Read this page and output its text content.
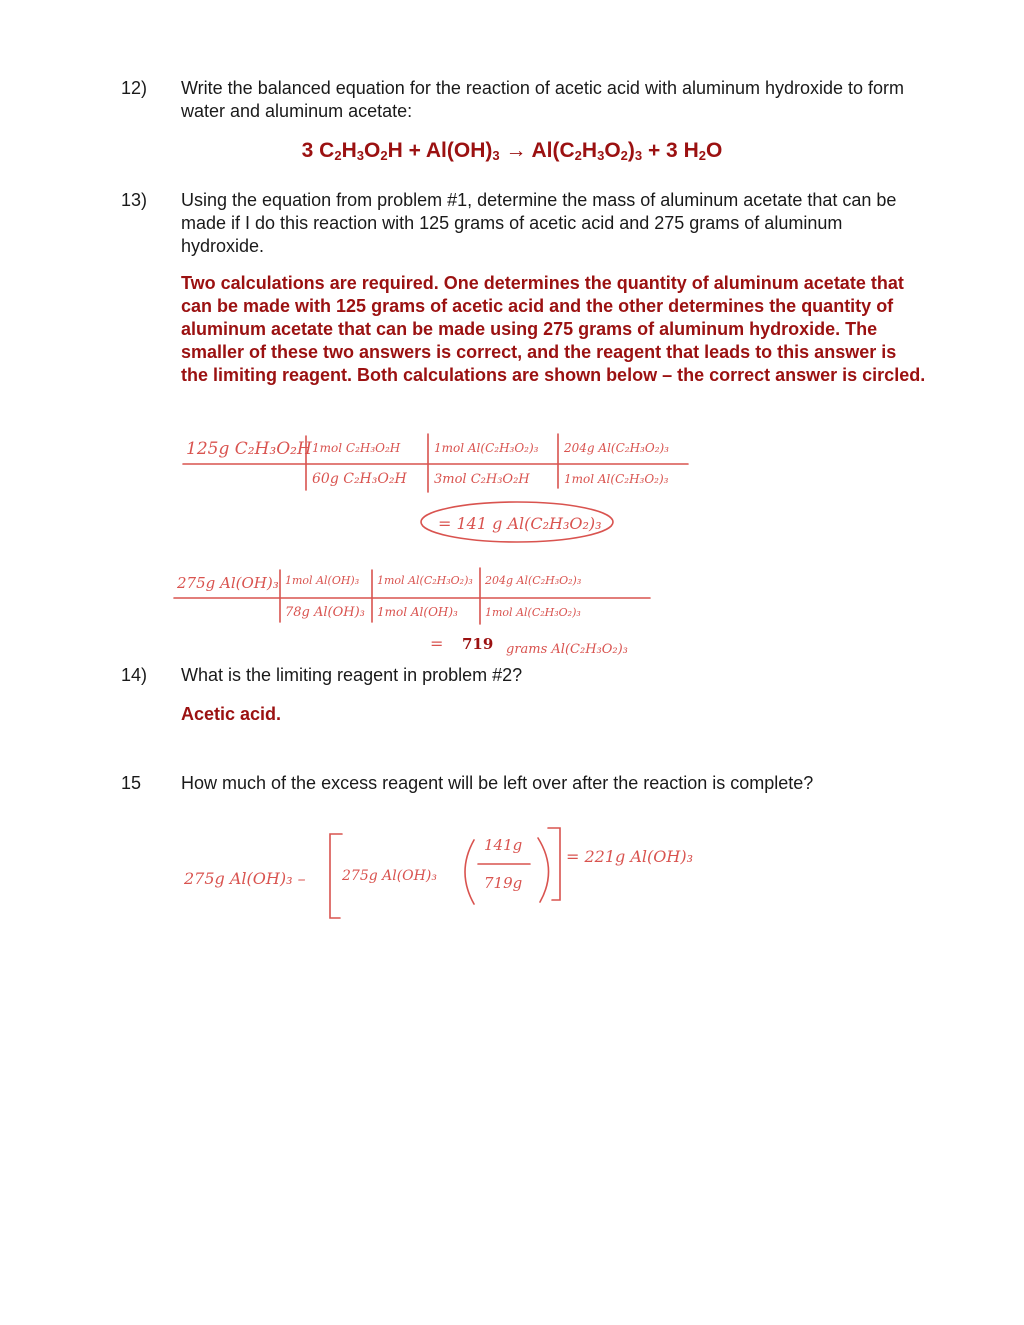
12) Write the balanced equation for the reaction of acetic acid with aluminum hydroxide to form water and aluminum acetate:
3 $C_2H_3O_2H + Al(OH)_3 \to Al(C_2H_3O_2)_3 + 3$ $H_2O$
13) Using the equation from problem #1, determine the mass of aluminum acetate that can be made if I do this reaction with 125 grams of acetic acid and 275 grams of aluminum hydroxide.
Two calculations are required. One determines the quantity of aluminum acetate that can be made with 125 grams of acetic acid and the other determines the quantity of aluminum acetate that can be made using 275 grams of aluminum hydroxide. The smaller of these two answers is correct, and the reagent that leads to this answer is the limiting reagent. Both calculations are shown below – the correct answer is circled.
125g C₂H₃O₂H 1mol C₂H₃O₂H
60g C₂H₃O₂H
1mol Al(C₂H₃O₂)₃
3mol C₂H₃O₂H
204g Al(C₂H₃O₂)₃
1mol Al(C₂H₃O₂)₃
= 141 g Al(C₂H₃O₂)₃
275g Al(OH)₃ 1mol Al(OH)₃
78g Al(OH)₃
1mol Al(C₂H₃O₂)₃
1mol Al(OH)₃
204g Al(C₂H₃O₂)₃
1mol Al(C₂H₃O₂)₃
= 719 grams Al(C₂H₃O₂)₃
14) What is the limiting reagent in problem #2?
Acetic acid.
15 How much of the excess reagent will be left over after the reaction is complete?
275g Al(OH)₃ –	275g Al(OH)₃
141g
719g
= 221g Al(OH)₃
